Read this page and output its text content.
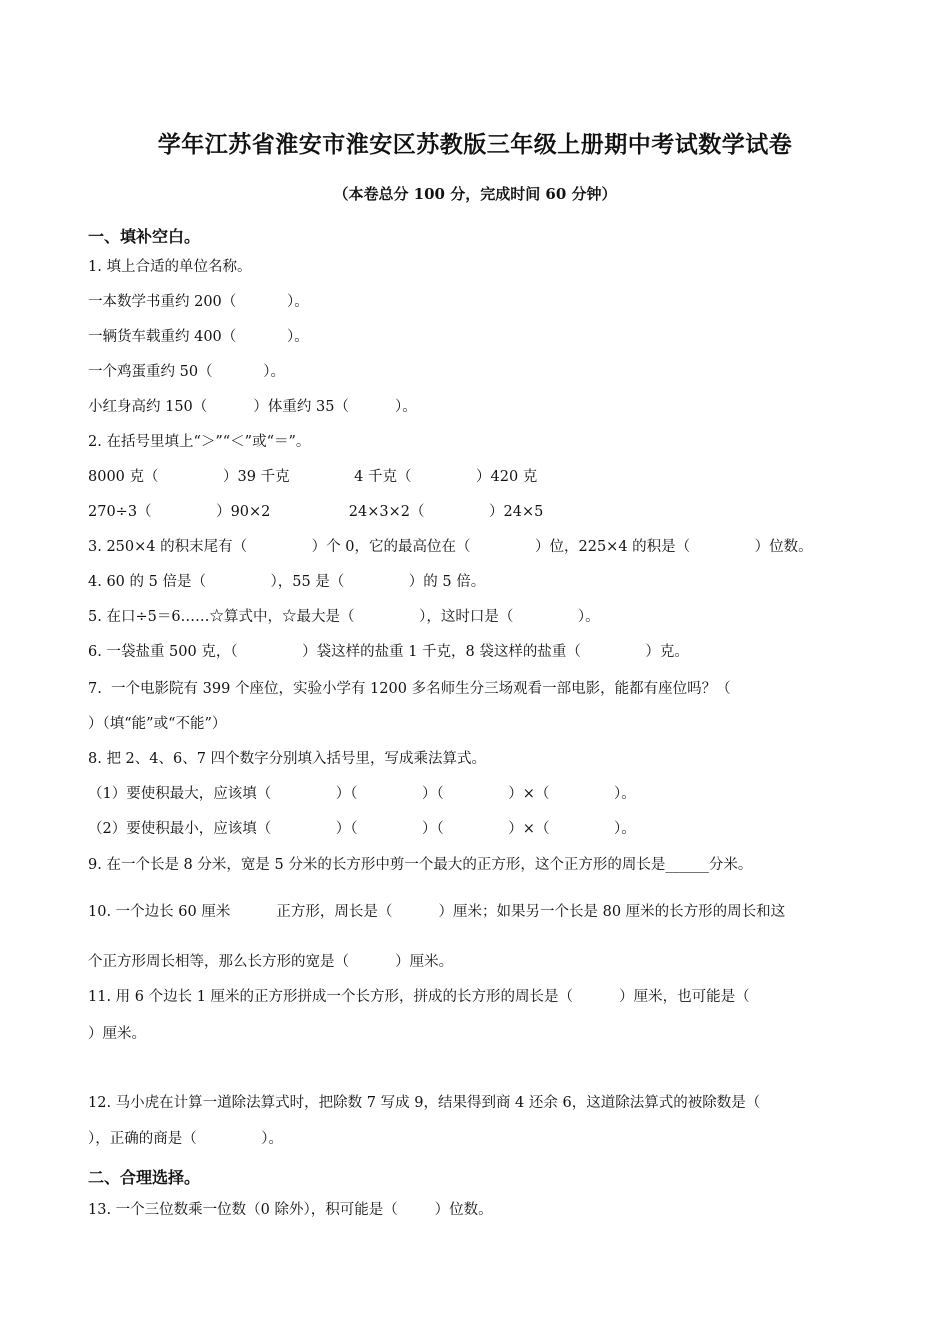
学年江苏省淮安市淮安区苏教版三年级上册期中考试数学试卷
（本卷总分 100 分，完成时间 60 分钟）
一、填补空白。
1. 填上合适的单位名称。
一本数学书重约 200（           ）。
一辆货车载重约 400（           ）。
一个鸡蛋重约 50（           ）。
小红身高约 150（          ）体重约 35（          ）。
2. 在括号里填上“＞”“＜”或“＝”。
8000 克（              ）39 千克              4 千克（              ）420 克
270÷3（              ）90×2                 24×3×2（              ）24×5
3. 250×4 的积末尾有（              ）个 0，它的最高位在（              ）位，225×4 的积是（              ）位数。
4. 60 的 5 倍是（              ），55 是（              ）的 5 倍。
5. 在口÷5＝6……☆算式中，☆最大是（              ），这时口是（              ）。
6. 一袋盐重 500 克，（              ）袋这样的盐重 1 千克，8 袋这样的盐重（              ）克。
7.  一个电影院有 399 个座位，实验小学有 1200 多名师生分三场观看一部电影，能都有座位吗？（
）（填“能”或“不能”）
8. 把 2、4、6、7 四个数字分别填入括号里，写成乘法算式。
（1）要使积最大，应该填（              ）（              ）（              ）×（              ）。
（2）要使积最小，应该填（              ）（              ）（              ）×（              ）。
9. 在一个长是 8 分米，宽是 5 分米的长方形中剪一个最大的正方形，这个正方形的周长是______分米。
10. 一个边长 60 厘米          正方形，周长是（          ）厘米；如果另一个长是 80 厘米的长方形的周长和这
个正方形周长相等，那么长方形的宽是（          ）厘米。
11. 用 6 个边长 1 厘米的正方形拼成一个长方形，拼成的长方形的周长是（          ）厘米，也可能是（
）厘米。
12. 马小虎在计算一道除法算式时，把除数 7 写成 9，结果得到商 4 还余 6，这道除法算式的被除数是（
），正确的商是（              ）。
二、合理选择。
13. 一个三位数乘一位数（0 除外），积可能是（        ）位数。
